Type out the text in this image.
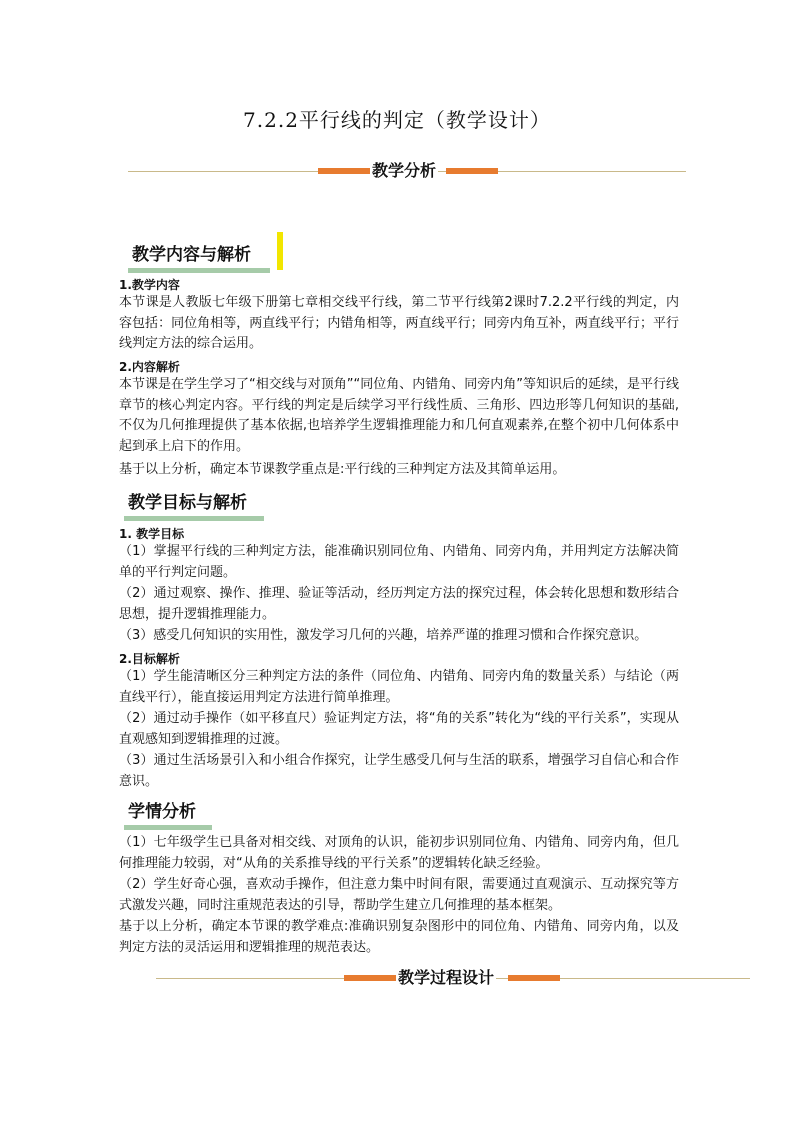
7.2.2平行线的判定（教学设计）
教学分析
教学内容与解析
1.教学内容
本节课是人教版七年级下册第七章相交线平行线，第二节平行线第2课时7.2.2平行线的判定，内容包括：同位角相等，两直线平行；内错角相等，两直线平行；同旁内角互补，两直线平行；平行线判定方法的综合运用。
2.内容解析
本节课是在学生学习了“相交线与对顶角”“同位角、内错角、同旁内角”等知识后的延续，是平行线章节的核心判定内容。平行线的判定是后续学习平行线性质、三角形、四边形等几何知识的基础,不仅为几何推理提供了基本依据,也培养学生逻辑推理能力和几何直观素养,在整个初中几何体系中起到承上启下的作用。
基于以上分析，确定本节课教学重点是:平行线的三种判定方法及其简单运用。
教学目标与解析
1. 教学目标
（1）掌握平行线的三种判定方法，能准确识别同位角、内错角、同旁内角，并用判定方法解决简单的平行判定问题。
（2）通过观察、操作、推理、验证等活动，经历判定方法的探究过程，体会转化思想和数形结合思想，提升逻辑推理能力。
（3）感受几何知识的实用性，激发学习几何的兴趣，培养严谨的推理习惯和合作探究意识。
2.目标解析
（1）学生能清晰区分三种判定方法的条件（同位角、内错角、同旁内角的数量关系）与结论（两直线平行），能直接运用判定方法进行简单推理。
（2）通过动手操作（如平移直尺）验证判定方法，将“角的关系”转化为“线的平行关系”，实现从直观感知到逻辑推理的过渡。
（3）通过生活场景引入和小组合作探究，让学生感受几何与生活的联系，增强学习自信心和合作意识。
学情分析
（1）七年级学生已具备对相交线、对顶角的认识，能初步识别同位角、内错角、同旁内角，但几何推理能力较弱，对“从角的关系推导线的平行关系”的逻辑转化缺乏经验。
（2）学生好奇心强，喜欢动手操作，但注意力集中时间有限，需要通过直观演示、互动探究等方式激发兴趣，同时注重规范表达的引导，帮助学生建立几何推理的基本框架。
基于以上分析，确定本节课的教学难点:准确识别复杂图形中的同位角、内错角、同旁内角，以及判定方法的灵活运用和逻辑推理的规范表达。
教学过程设计
